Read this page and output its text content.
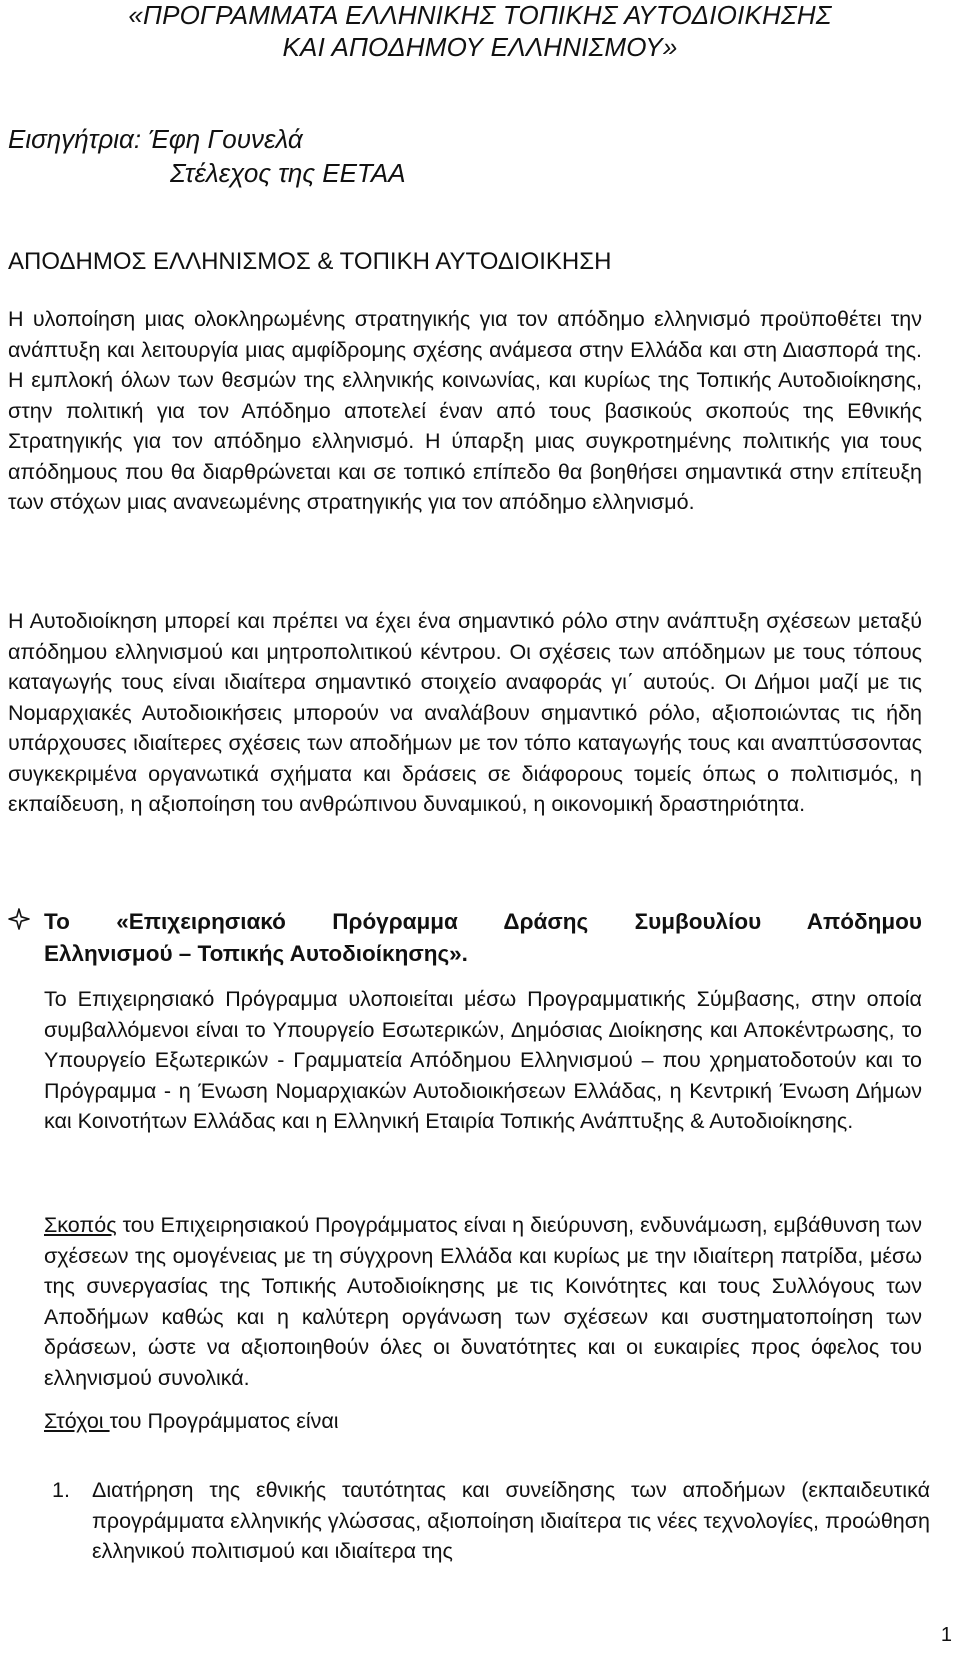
«ΠΡΟΓΡΑΜΜΑΤΑ ΕΛΛΗΝΙΚΗΣ ΤΟΠΙΚΗΣ ΑΥΤΟΔΙΟΙΚΗΣΗΣ
ΚΑΙ ΑΠΟΔΗΜΟΥ ΕΛΛΗΝΙΣΜΟΥ»
Εισηγήτρια: Έφη Γουνελά
Στέλεχος της ΕΕΤΑΑ
ΑΠΟΔΗΜΟΣ ΕΛΛΗΝΙΣΜΟΣ & ΤΟΠΙΚΗ ΑΥΤΟΔΙΟΙΚΗΣΗ
Η υλοποίηση μιας ολοκληρωμένης στρατηγικής για τον απόδημο ελληνισμό προϋποθέτει την ανάπτυξη και λειτουργία μιας αμφίδρομης σχέσης ανάμεσα στην Ελλάδα και στη Διασπορά της. Η εμπλοκή όλων των θεσμών της ελληνικής κοινωνίας, και κυρίως της Τοπικής Αυτοδιοίκησης, στην πολιτική για τον Απόδημο αποτελεί έναν από τους βασικούς σκοπούς της Εθνικής Στρατηγικής για τον απόδημο ελληνισμό. Η ύπαρξη μιας συγκροτημένης πολιτικής για τους απόδημους που θα διαρθρώνεται και σε τοπικό επίπεδο θα βοηθήσει σημαντικά στην επίτευξη των στόχων μιας ανανεωμένης στρατηγικής για τον απόδημο ελληνισμό.
Η Αυτοδιοίκηση μπορεί και πρέπει να έχει ένα σημαντικό ρόλο στην ανάπτυξη σχέσεων μεταξύ απόδημου ελληνισμού και μητροπολιτικού κέντρου. Οι σχέσεις των απόδημων με τους τόπους καταγωγής τους είναι ιδιαίτερα σημαντικό στοιχείο αναφοράς γι΄ αυτούς. Οι Δήμοι μαζί με τις Νομαρχιακές Αυτοδιοικήσεις μπορούν να αναλάβουν σημαντικό ρόλο, αξιοποιώντας τις ήδη υπάρχουσες ιδιαίτερες σχέσεις των αποδήμων με τον τόπο καταγωγής τους και αναπτύσσοντας συγκεκριμένα οργανωτικά σχήματα και δράσεις σε διάφορους τομείς όπως ο πολιτισμός, η εκπαίδευση, η αξιοποίηση του ανθρώπινου δυναμικού, η οικονομική δραστηριότητα.
Το «Επιχειρησιακό Πρόγραμμα Δράσης Συμβουλίου Απόδημου
Ελληνισμού – Τοπικής Αυτοδιοίκησης».
Το Επιχειρησιακό Πρόγραμμα υλοποιείται μέσω Προγραμματικής Σύμβασης, στην οποία συμβαλλόμενοι είναι το Υπουργείο Εσωτερικών, Δημόσιας Διοίκησης και Αποκέντρωσης, το Υπουργείο Εξωτερικών - Γραμματεία Απόδημου Ελληνισμού – που χρηματοδοτούν και το Πρόγραμμα - η Ένωση Νομαρχιακών Αυτοδιοικήσεων Ελλάδας, η Κεντρική Ένωση Δήμων και Κοινοτήτων Ελλάδας και η Ελληνική Εταιρία Τοπικής Ανάπτυξης & Αυτοδιοίκησης.
Σκοπός του Επιχειρησιακού Προγράμματος είναι η διεύρυνση, ενδυνάμωση, εμβάθυνση των σχέσεων της ομογένειας με τη σύγχρονη Ελλάδα και κυρίως με την ιδιαίτερη πατρίδα, μέσω της συνεργασίας της Τοπικής Αυτοδιοίκησης με τις Κοινότητες και τους Συλλόγους των Αποδήμων καθώς και η καλύτερη οργάνωση των σχέσεων και συστηματοποίηση των δράσεων, ώστε να αξιοποιηθούν όλες οι δυνατότητες και οι ευκαιρίες προς όφελος του ελληνισμού συνολικά.
Στόχοι του Προγράμματος είναι
1. Διατήρηση της εθνικής ταυτότητας και συνείδησης των αποδήμων (εκπαιδευτικά προγράμματα ελληνικής γλώσσας, αξιοποίηση ιδιαίτερα τις νέες τεχνολογίες, προώθηση ελληνικού πολιτισμού και ιδιαίτερα της
1
